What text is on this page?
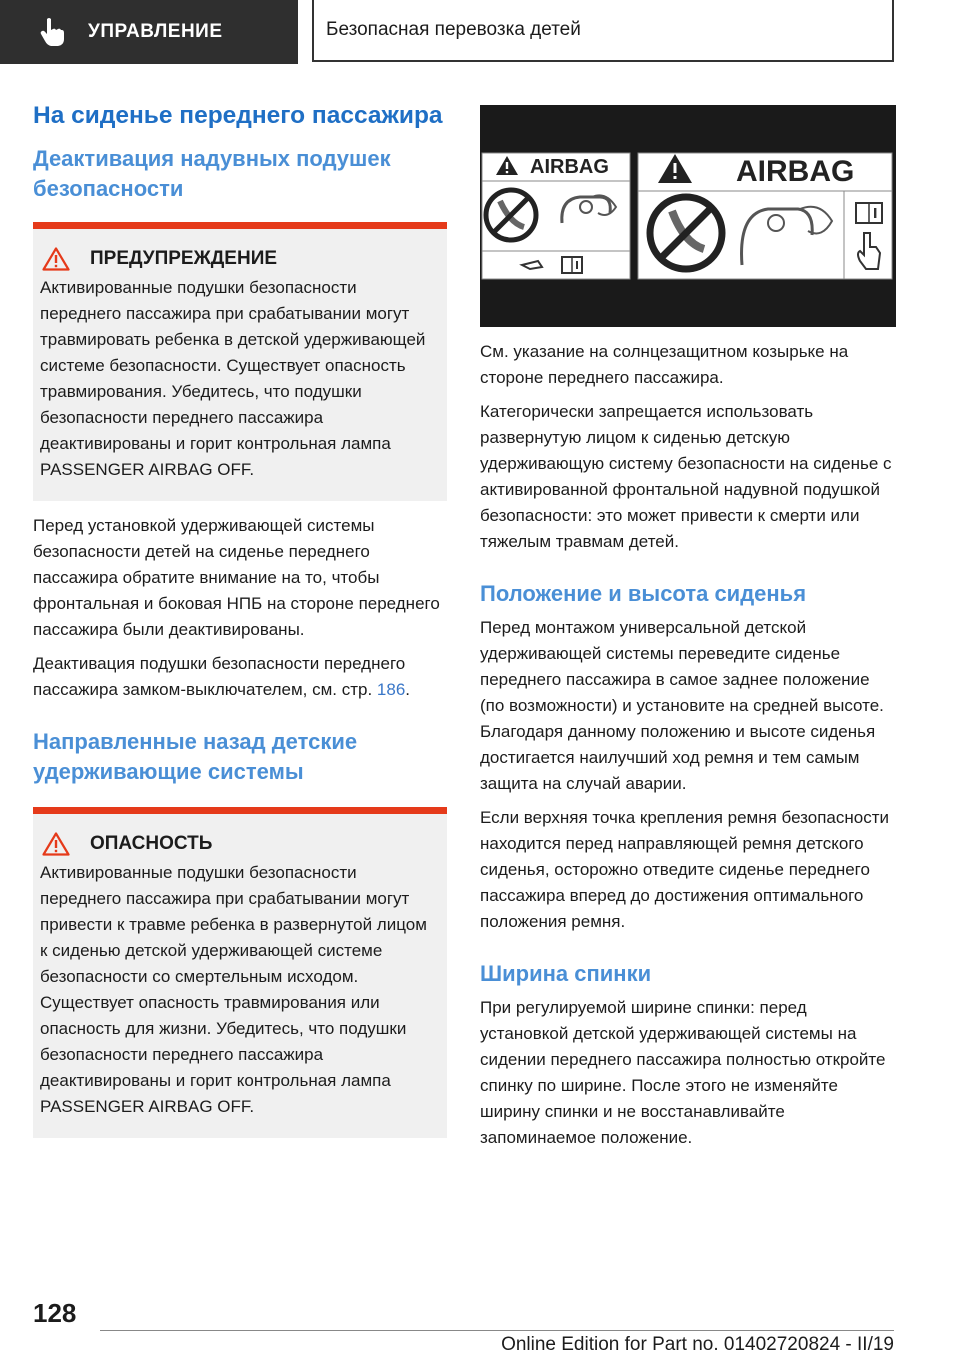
УПРАВЛЕНИЕ	Безопасная перевозка детей
На сиденье переднего пассажира
Деактивация надувных подушек безопасности
ПРЕДУПРЕЖДЕНИЕ

Активированные подушки безопасности переднего пассажира при срабатывании могут травмировать ребенка в детской удерживающей системе безопасности. Существует опасность травмирования. Убедитесь, что подушки безопасности переднего пассажира деактивированы и горит контрольная лампа PASSENGER AIRBAG OFF.

Перед установкой удерживающей системы безопасности детей на сиденье переднего пассажира обратите внимание на то, чтобы фронтальная и боковая НПБ на стороне переднего пассажира были деактивированы.

Деактивация подушки безопасности переднего пассажира замком-выключателем, см. стр. 186.

Направленные назад детские удерживающие системы
ОПАСНОСТЬ

Активированные подушки безопасности переднего пассажира при срабатывании могут привести к травме ребенка в развернутой лицом к сиденью детской удерживающей системе безопасности со смертельным исходом. Существует опасность травмирования или опасность для жизни. Убедитесь, что подушки безопасности переднего пассажира деактивированы и горит контрольная лампа PASSENGER AIRBAG OFF.

AIRBAG	AIRBAG

См. указание на солнцезащитном козырьке на стороне переднего пассажира.

Категорически запрещается использовать развернутую лицом к сиденью детскую удерживающую систему безопасности на сиденье с активированной фронтальной надувной подушкой безопасности: это может привести к смерти или тяжелым травмам детей.

Положение и высота сиденья

Перед монтажом универсальной детской удерживающей системы переведите сиденье переднего пассажира в самое заднее положение (по возможности) и установите на средней высоте. Благодаря данному положению и высоте сиденья достигается наилучший ход ремня и тем самым защита на случай аварии.

Если верхняя точка крепления ремня безопасности находится перед направляющей ремня детского сиденья, осторожно отведите сиденье переднего пассажира вперед до достижения оптимального положения ремня.

Ширина спинки

При регулируемой ширине спинки: перед установкой детской удерживающей системы на сидении переднего пассажира полностью откройте спинку по ширине. После этого не изменяйте ширину спинки и не восстанавливайте запоминаемое положение.

128
Online Edition for Part no. 01402720824 - II/19
